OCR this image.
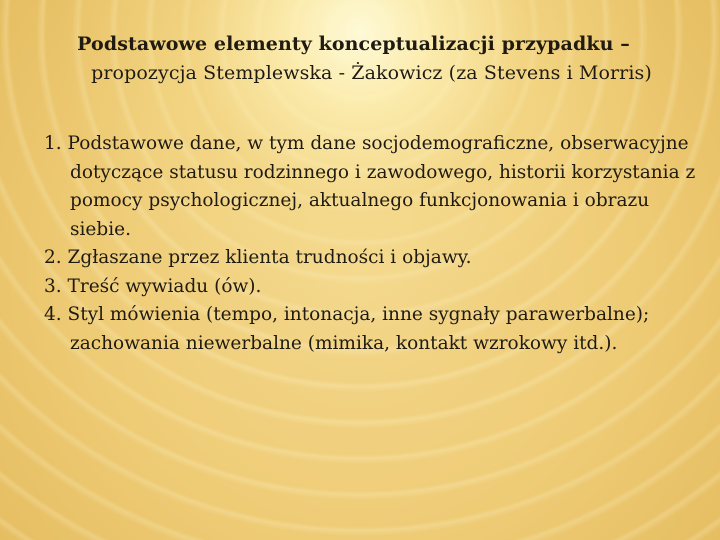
Podstawowe elementy konceptualizacji przypadku –
propozycja Stemplewska - Żakowicz (za Stevens i Morris)
1. Podstawowe dane, w tym dane socjodemograficzne, obserwacyjne dotyczące statusu rodzinnego i zawodowego, historii korzystania z pomocy psychologicznej, aktualnego funkcjonowania i obrazu siebie.
2. Zgłaszane przez klienta trudności i objawy.
3. Treść wywiadu (ów).
4. Styl mówienia (tempo, intonacja, inne sygnały parawerbalne); zachowania niewerbalne (mimika, kontakt wzrokowy itd.).
